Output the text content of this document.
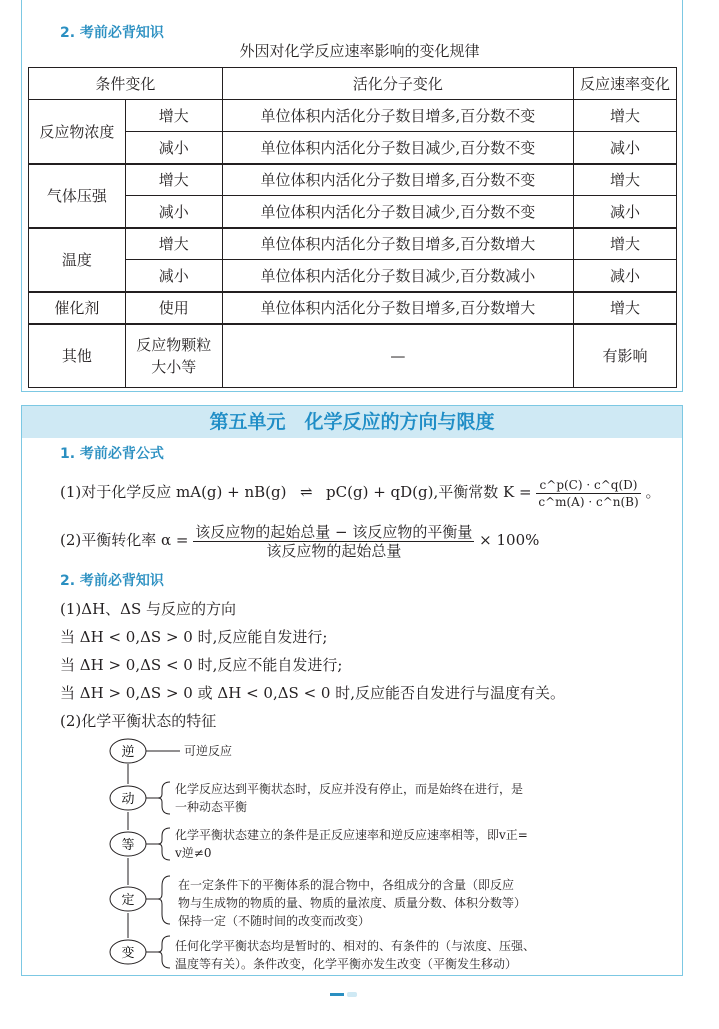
2. 考前必背知识
外因对化学反应速率影响的变化规律
条件变化		活化分子变化	反应速率变化
反应物浓度	增大	单位体积内活化分子数目增多,百分数不变	增大
	减小	单位体积内活化分子数目减少,百分数不变	减小
气体压强	增大	单位体积内活化分子数目增多,百分数不变	增大
	减小	单位体积内活化分子数目减少,百分数不变	减小
温度	增大	单位体积内活化分子数目增多,百分数增大	增大
	减小	单位体积内活化分子数目减少,百分数减小	减小
催化剂	使用	单位体积内活化分子数目增多,百分数增大	增大
其他	反应物颗粒大小等	—	有影响
第五单元　化学反应的方向与限度
1. 考前必背公式
(1)对于化学反应 mA(g) + nB(g) ⇌ pC(g) + qD(g),平衡常数 $K = \frac{c\^{}p(C) \cdot c\^{}q(D)}{c\^{}m(A) \cdot c\^{}n(B)}$ 。
(2)平衡转化率 $\alpha = \frac{\text{该反应物的起始总量 − 该反应物的平衡量}}{\text{该反应物的起始总量}} \times 100\%$
2. 考前必背知识
(1)ΔH、ΔS 与反应的方向
当 ΔH < 0,ΔS > 0 时,反应能自发进行;
当 ΔH > 0,ΔS < 0 时,反应不能自发进行;
当 ΔH > 0,ΔS > 0 或 ΔH < 0,ΔS < 0 时,反应能否自发进行与温度有关。
(2)化学平衡状态的特征
逆
动
等
定
变
可逆反应
化学反应达到平衡状态时，反应并没有停止，而是始终在进行，是
一种动态平衡
化学平衡状态建立的条件是正反应速率和逆反应速率相等，即v正=
v逆≠0
在一定条件下的平衡体系的混合物中，各组成分的含量（即反应
物与生成物的物质的量、物质的量浓度、质量分数、体积分数等）
保持一定（不随时间的改变而改变）
任何化学平衡状态均是暂时的、相对的、有条件的（与浓度、压强、
温度等有关）。条件改变，化学平衡亦发生改变（平衡发生移动）
